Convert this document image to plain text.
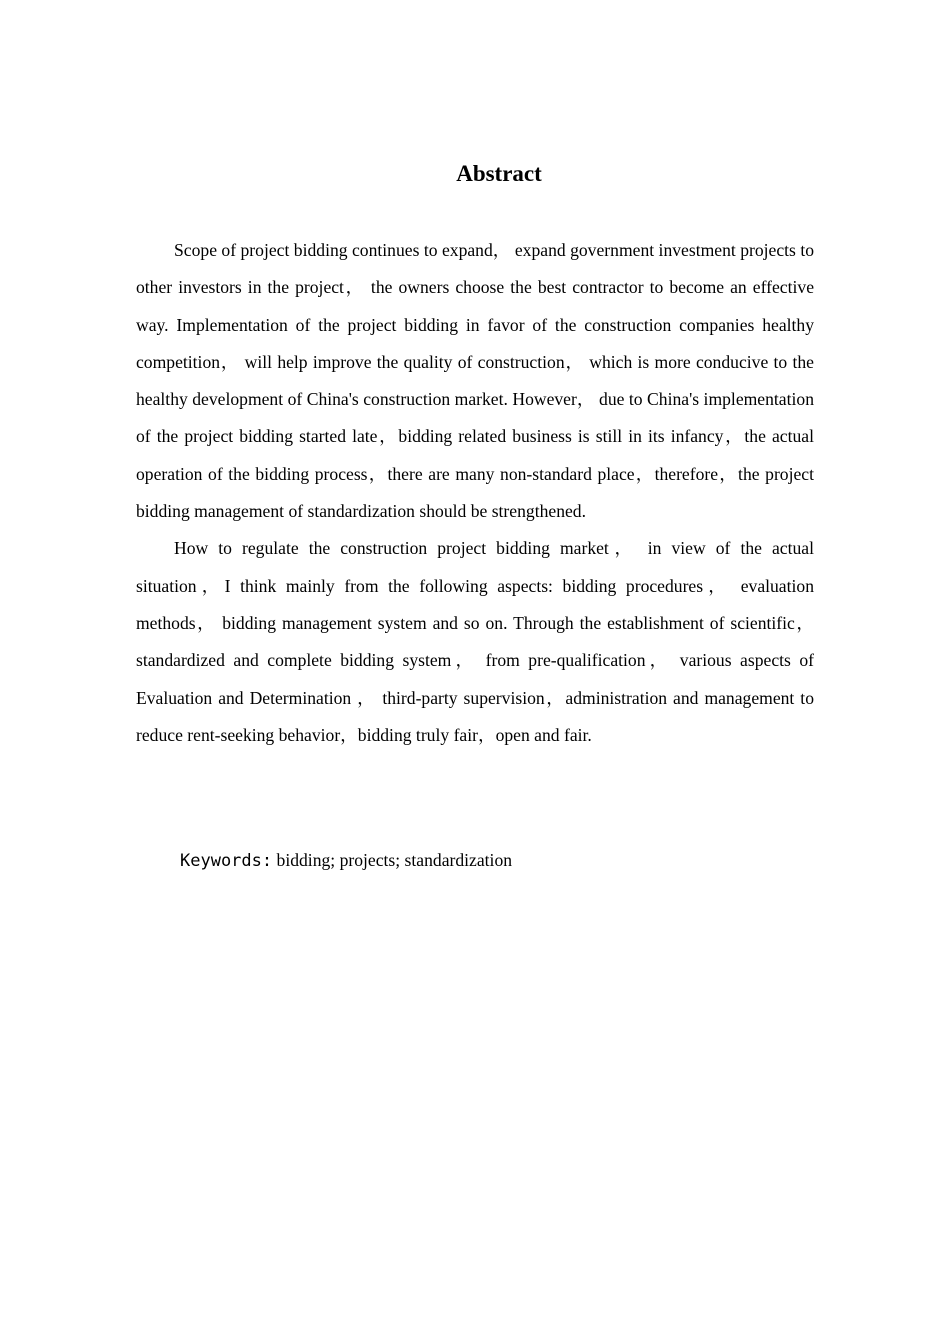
Abstract

Scope of project bidding continues to expand， expand government investment projects to other investors in the project， the owners choose the best contractor to become an effective way. Implementation of the project bidding in favor of the construction companies healthy competition， will help improve the quality of construction， which is more conducive to the healthy development of China's construction market. However， due to China's implementation of the project bidding started late，bidding related business is still in its infancy，the actual operation of the bidding process，there are many non-standard place，therefore，the project bidding management of standardization should be strengthened.

How to regulate the construction project bidding market， in view of the actual situation，I think mainly from the following aspects: bidding procedures， evaluation methods， bidding management system and so on. Through the establishment of scientific， standardized and complete bidding system， from pre-qualification， various aspects of Evaluation and Determination ， third-party supervision，administration and management to reduce rent-seeking behavior，bidding truly fair，open and fair.

Keywords: bidding; projects; standardization
